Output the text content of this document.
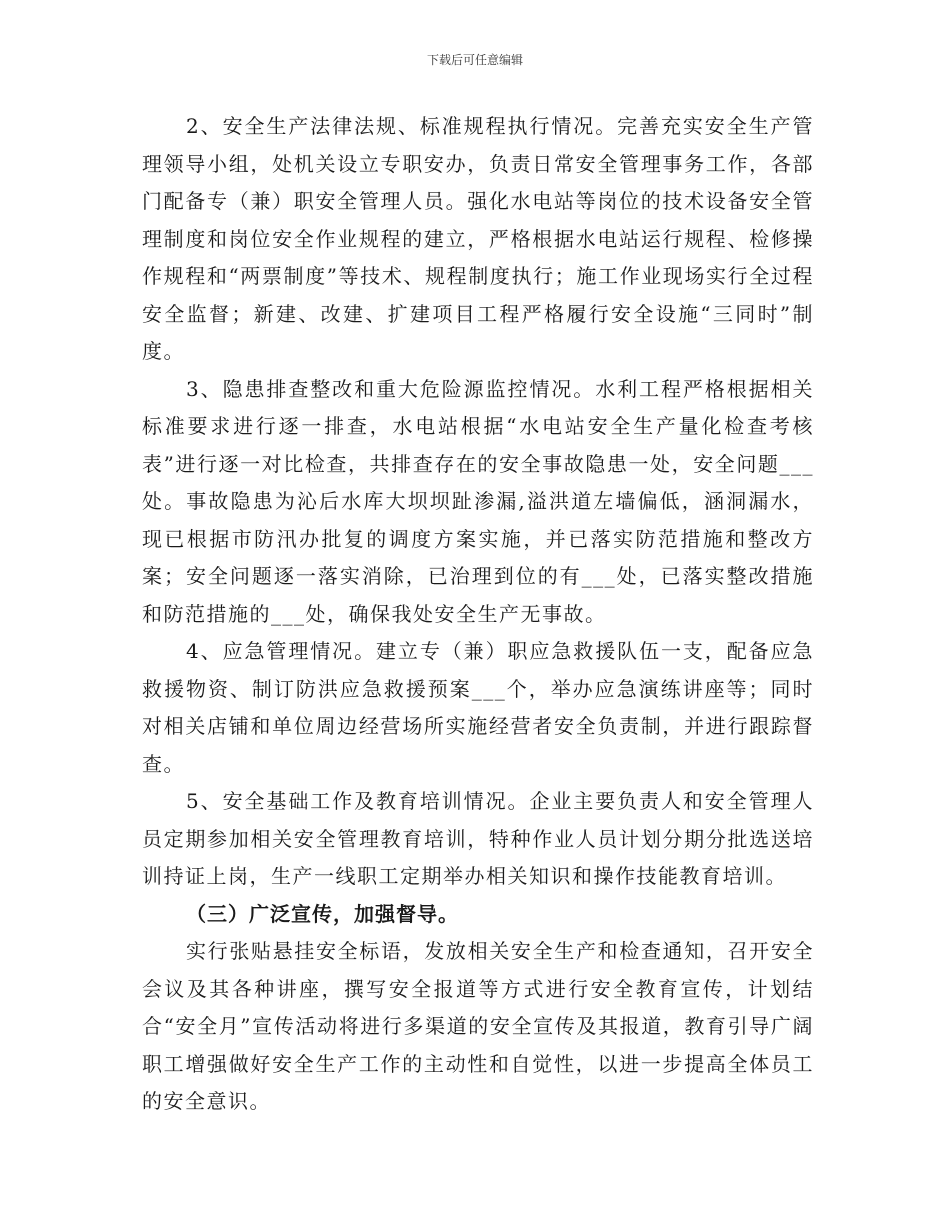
下载后可任意编辑

2、安全生产法律法规、标准规程执行情况。完善充实安全生产管理领导小组，处机关设立专职安办，负责日常安全管理事务工作，各部门配备专（兼）职安全管理人员。强化水电站等岗位的技术设备安全管理制度和岗位安全作业规程的建立，严格根据水电站运行规程、检修操作规程和“两票制度”等技术、规程制度执行；施工作业现场实行全过程安全监督；新建、改建、扩建项目工程严格履行安全设施“三同时”制度。

3、隐患排查整改和重大危险源监控情况。水利工程严格根据相关标准要求进行逐一排查，水电站根据“水电站安全生产量化检查考核表”进行逐一对比检查，共排查存在的安全事故隐患一处，安全问题___处。事故隐患为沁后水库大坝坝趾渗漏,溢洪道左墙偏低，涵洞漏水，现已根据市防汛办批复的调度方案实施，并已落实防范措施和整改方案；安全问题逐一落实消除，已治理到位的有___处，已落实整改措施和防范措施的___处，确保我处安全生产无事故。

4、应急管理情况。建立专（兼）职应急救援队伍一支，配备应急救援物资、制订防洪应急救援预案___个，举办应急演练讲座等；同时对相关店铺和单位周边经营场所实施经营者安全负责制，并进行跟踪督查。

5、安全基础工作及教育培训情况。企业主要负责人和安全管理人员定期参加相关安全管理教育培训，特种作业人员计划分期分批选送培训持证上岗，生产一线职工定期举办相关知识和操作技能教育培训。

（三）广泛宣传，加强督导。

实行张贴悬挂安全标语，发放相关安全生产和检查通知，召开安全会议及其各种讲座，撰写安全报道等方式进行安全教育宣传，计划结合“安全月”宣传活动将进行多渠道的安全宣传及其报道，教育引导广阔职工增强做好安全生产工作的主动性和自觉性，以进一步提高全体员工的安全意识。
